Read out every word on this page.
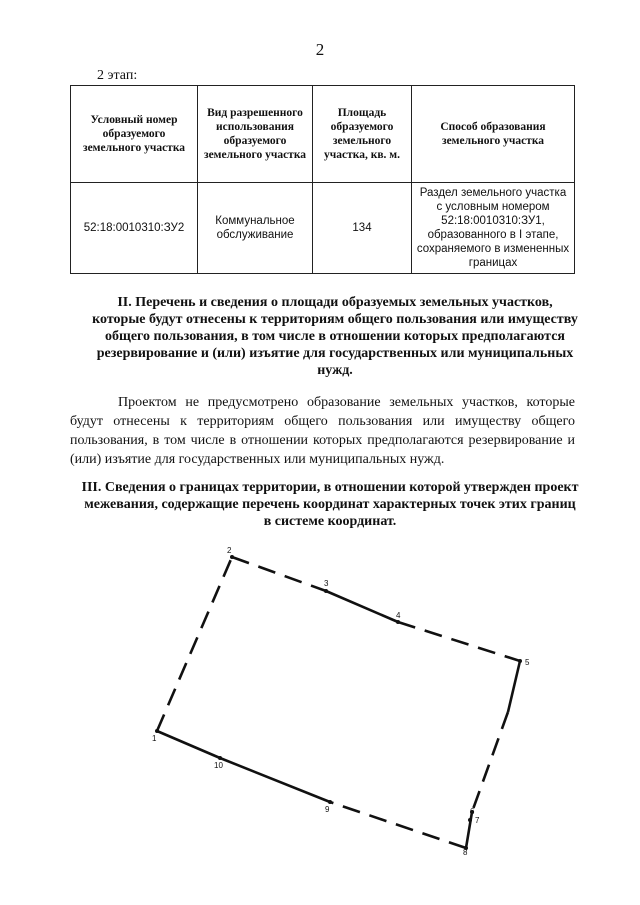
2
2 этап:
Условный номер образуемого земельного участка	Вид разрешенного использования образуемого земельного участка	Площадь образуемого земельного участка, кв. м.	Способ образования земельного участка
52:18:0010310:ЗУ2	Коммунальное обслуживание	134	Раздел земельного участка с условным номером 52:18:0010310:ЗУ1, образованного в I этапе, сохраняемого в измененных границах
II. Перечень и сведения о площади образуемых земельных участков, которые будут отнесены к территориям общего пользования или имуществу общего пользования, в том числе в отношении которых предполагаются резервирование и (или) изъятие для государственных или муниципальных нужд.
Проектом не предусмотрено образование земельных участков, которые будут отнесены к территориям общего пользования или имуществу общего пользования, в том числе в отношении которых предполагаются резервирование и (или) изъятие для государственных или муниципальных нужд.
III. Сведения о границах территории, в отношении которой утвержден проект межевания, содержащие перечень координат характерных точек этих границ в системе координат.
1
2
3
4
5
6
7
8
9
10
